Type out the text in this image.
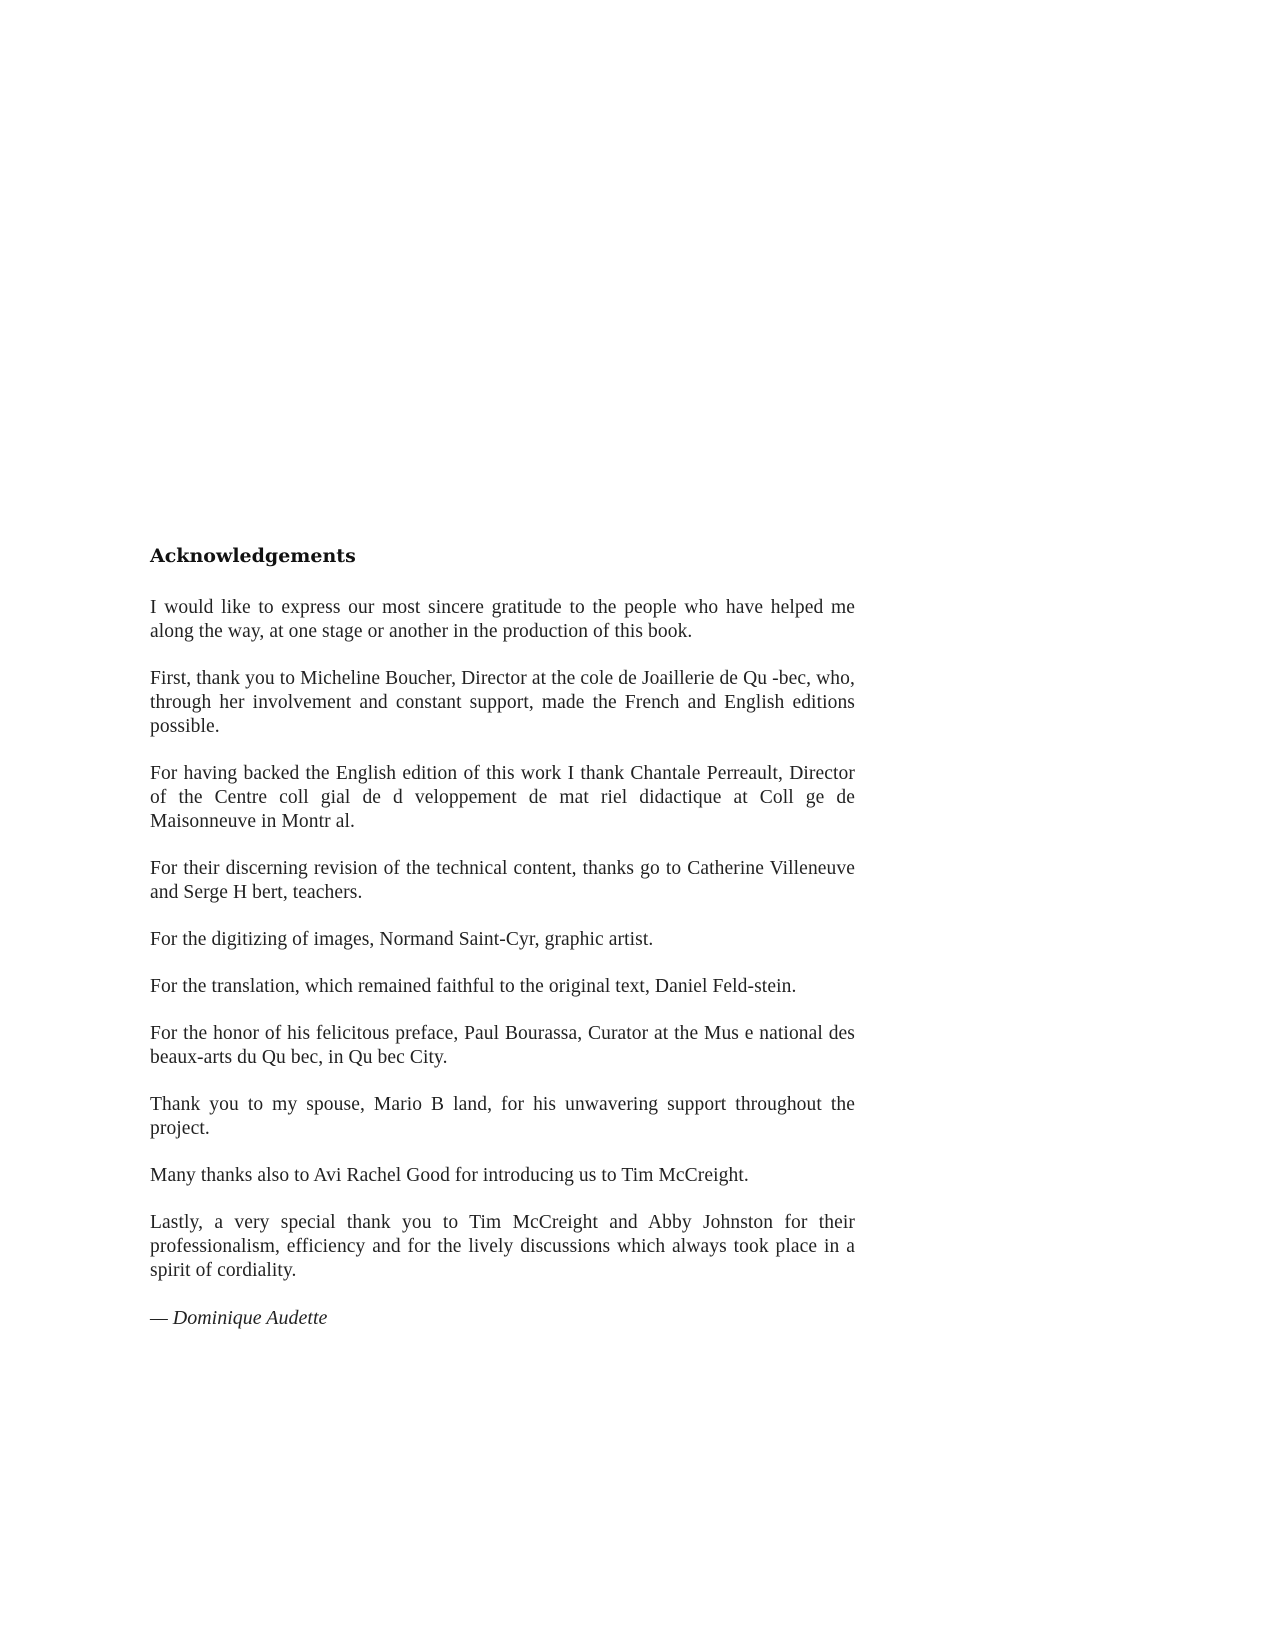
Acknowledgements

I would like to express our most sincere gratitude to the people who have helped me along the way, at one stage or another in the production of this book.

First, thank you to Micheline Boucher, Director at the cole de Joaillerie de Qu -bec, who, through her involvement and constant support, made the French and English editions possible.

For having backed the English edition of this work I thank Chantale Perreault, Director of the Centre coll gial de d veloppement de mat riel didactique at Coll ge de Maisonneuve in Montr al.

For their discerning revision of the technical content, thanks go to Catherine Villeneuve and Serge H bert, teachers.

For the digitizing of images, Normand Saint-Cyr, graphic artist.

For the translation, which remained faithful to the original text, Daniel Feld-stein.

For the honor of his felicitous preface, Paul Bourassa, Curator at the Mus e national des beaux-arts du Qu bec, in Qu bec City.

Thank you to my spouse, Mario B land, for his unwavering support throughout the project.

Many thanks also to Avi Rachel Good for introducing us to Tim McCreight.

Lastly, a very special thank you to Tim McCreight and Abby Johnston for their professionalism, efficiency and for the lively discussions which always took place in a spirit of cordiality.

— Dominique Audette
